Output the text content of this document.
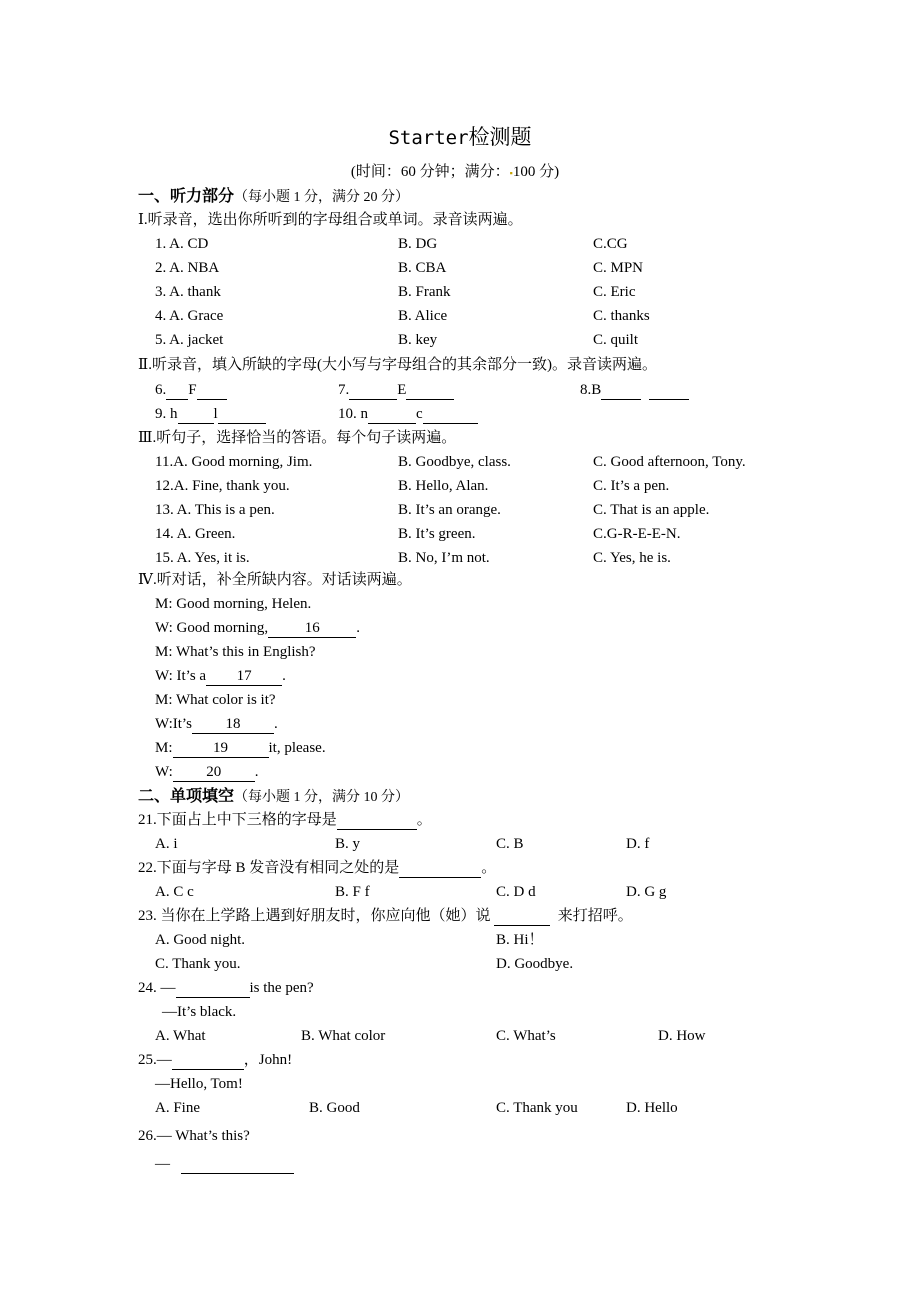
Starter检测题
(时间：60 分钟；满分：▪100 分)
一、听力部分（每小题 1 分，满分 20 分）
Ⅰ.听录音，选出你所听到的字母组合或单词。录音读两遍。
1. A. CD	B. DG	C.CG
2. A. NBA	B. CBA	C. MPN
3. A. thank	B. Frank	C. Eric
4. A. Grace	B. Alice	C. thanks
5. A. jacket	B. key	C. quilt
Ⅱ.听录音，填入所缺的字母(大小写与字母组合的其余部分一致)。录音读两遍。
6. F	7.	E	8.B
9. h l	10. n	c
Ⅲ.听句子，选择恰当的答语。每个句子读两遍。
11.A. Good morning, Jim.	B. Goodbye, class.	C. Good afternoon, Tony.
12.A. Fine, thank you.	B. Hello, Alan.	C. It’s a pen.
13. A. This is a pen.	B. It’s an orange.	C. That is an apple.
14. A. Green.	B. It’s green.	C.G-R-E-E-N.
15. A. Yes, it is.	B. No, I’m not.	C. Yes, he is.
Ⅳ.听对话，补全所缺内容。对话读两遍。
M: Good morning, Helen.
W: Good morning, 16 .
M: What’s this in English?
W: It’s a 17 .
M: What color is it?
W:It’s 18 .
M:	19	it, please.
W: 20 .
二、单项填空（每小题 1 分，满分 10 分）
21.下面占上中下三格的字母是	。
A. i	B. y	C. B	D. f
22.下面与字母 B 发音没有相同之处的是	。
A. C c	B. F f	C. D d	D. G g
23. 当你在上学路上遇到好朋友时，你应向他（她）说	来打招呼。
A. Good night.	B. Hi！
C. Thank you.	D. Goodbye.
24. —	is the pen?
—It’s black.
A. What	B. What color	C. What’s	D. How
25.—	，John!
—Hello, Tom!
A. Fine	B. Good	C. Thank you	D. Hello
26.— What’s this?
—
